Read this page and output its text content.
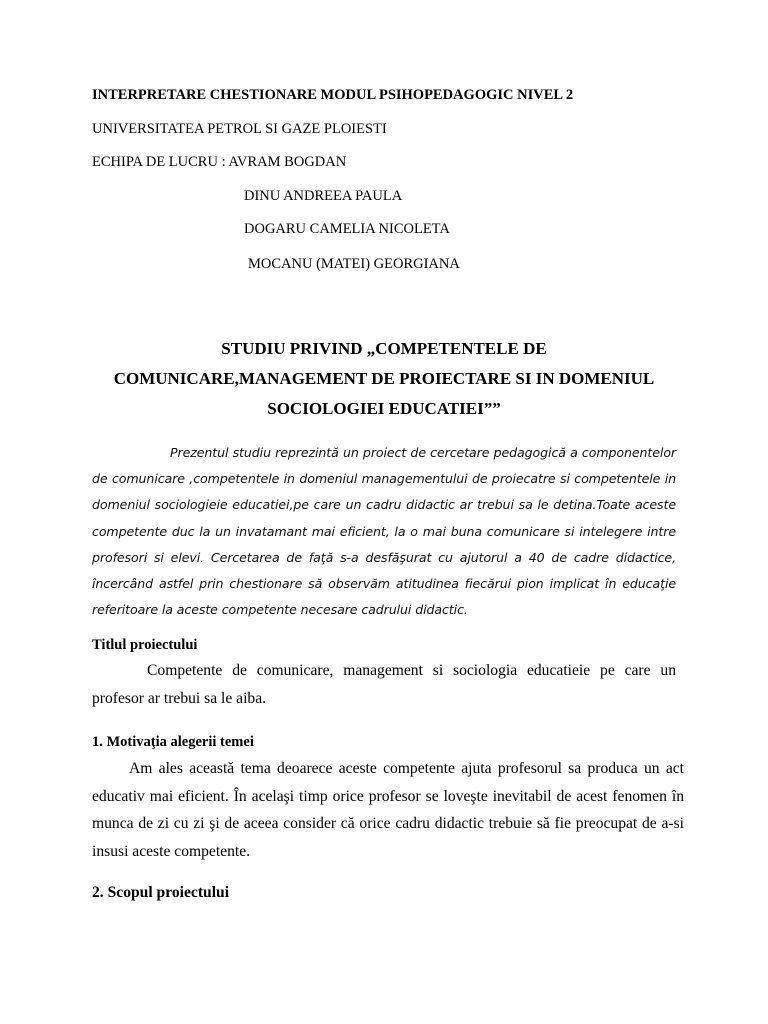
INTERPRETARE CHESTIONARE MODUL PSIHOPEDAGOGIC NIVEL 2
UNIVERSITATEA PETROL SI GAZE PLOIESTI
ECHIPA DE LUCRU : AVRAM BOGDAN
DINU ANDREEA PAULA
DOGARU CAMELIA NICOLETA
MOCANU (MATEI) GEORGIANA
STUDIU PRIVIND „COMPETENTELE DE
COMUNICARE,MANAGEMENT DE PROIECTARE SI IN DOMENIUL
SOCIOLOGIEI EDUCATIEI””
Prezentul studiu reprezintă un proiect de cercetare pedagogică a componentelor de comunicare ,competentele in domeniul managementului de proiecatre si competentele in domeniul sociologieie educatiei,pe care un cadru didactic ar trebui sa le detina.Toate aceste competente duc la un invatamant mai eficient, la o mai buna comunicare si intelegere intre profesori si elevi. Cercetarea de faţă s-a desfăşurat cu ajutorul a 40 de cadre didactice, încercând astfel prin chestionare să observăm atitudinea fiecărui pion implicat în educaţie referitoare la aceste competente necesare cadrului didactic.
Titlul proiectului
Competente de comunicare, management si sociologia educatieie pe care un profesor ar trebui sa le aiba.
1. Motivaţia alegerii temei
Am ales această tema deoarece aceste competente ajuta profesorul sa produca un act educativ mai eficient. În acelaşi timp orice profesor se loveşte inevitabil de acest fenomen în munca de zi cu zi şi de aceea consider că orice cadru didactic trebuie să fie preocupat de a-si insusi aceste competente.
2. Scopul proiectului
